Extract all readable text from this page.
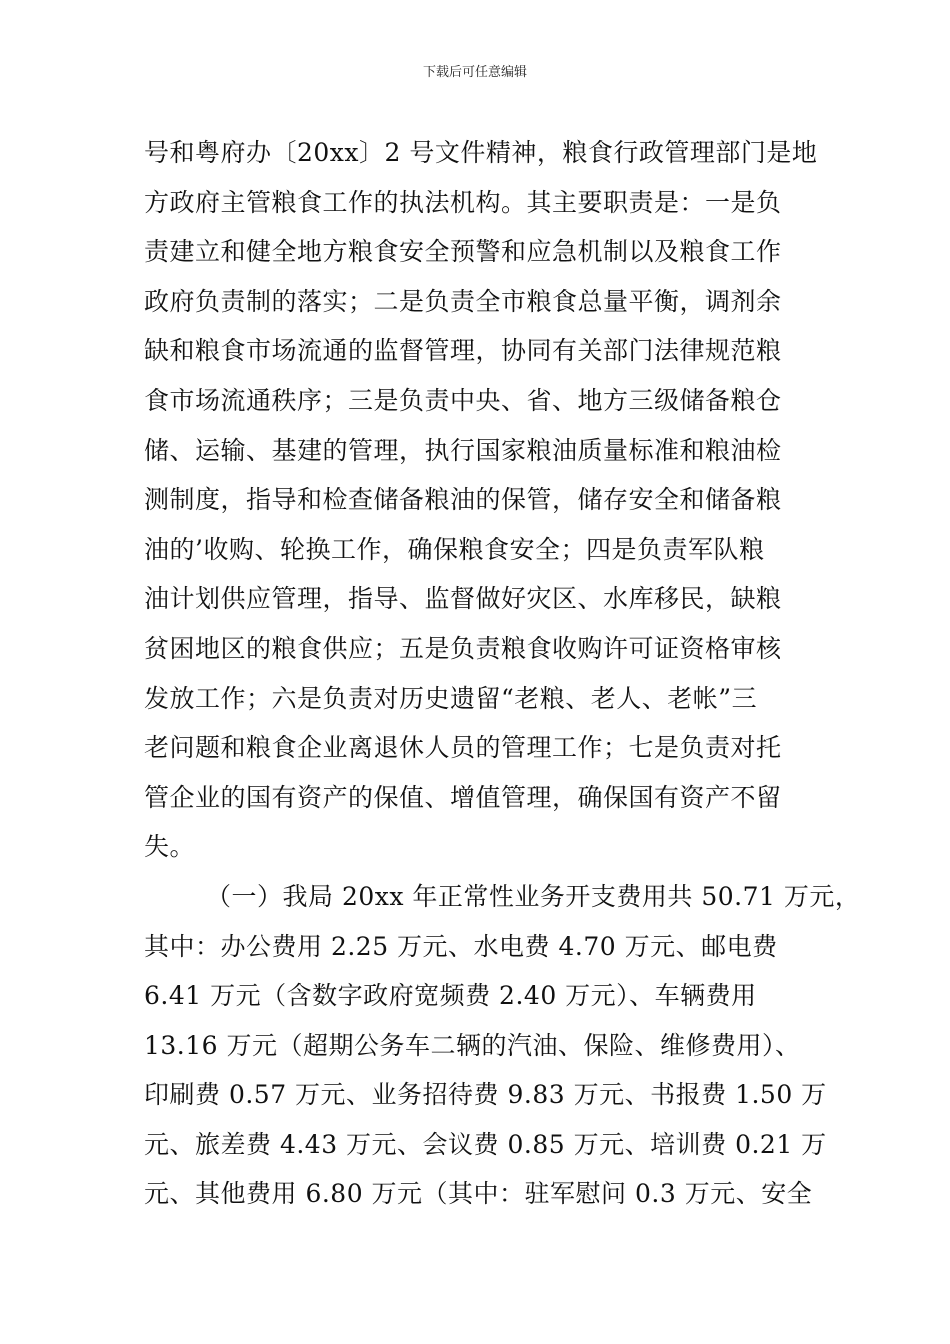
下载后可任意编辑
号和粤府办〔20xx〕2 号文件精神，粮食行政管理部门是地
方政府主管粮食工作的执法机构。其主要职责是：一是负
责建立和健全地方粮食安全预警和应急机制以及粮食工作
政府负责制的落实；二是负责全市粮食总量平衡，调剂余
缺和粮食市场流通的监督管理，协同有关部门法律规范粮
食市场流通秩序；三是负责中央、省、地方三级储备粮仓
储、运输、基建的管理，执行国家粮油质量标准和粮油检
测制度，指导和检查储备粮油的保管，储存安全和储备粮
油的’收购、轮换工作，确保粮食安全；四是负责军队粮
油计划供应管理，指导、监督做好灾区、水库移民，缺粮
贫困地区的粮食供应；五是负责粮食收购许可证资格审核
发放工作；六是负责对历史遗留“老粮、老人、老帐”三
老问题和粮食企业离退休人员的管理工作；七是负责对托
管企业的国有资产的保值、增值管理，确保国有资产不留
失。
（一）我局 20xx 年正常性业务开支费用共 50.71 万元，
其中：办公费用 2.25 万元、水电费 4.70 万元、邮电费
6.41 万元（含数字政府宽频费 2.40 万元）、车辆费用
13.16 万元（超期公务车二辆的汽油、保险、维修费用）、
印刷费 0.57 万元、业务招待费 9.83 万元、书报费 1.50 万
元、旅差费 4.43 万元、会议费 0.85 万元、培训费 0.21 万
元、其他费用 6.80 万元（其中：驻军慰问 0.3 万元、安全
